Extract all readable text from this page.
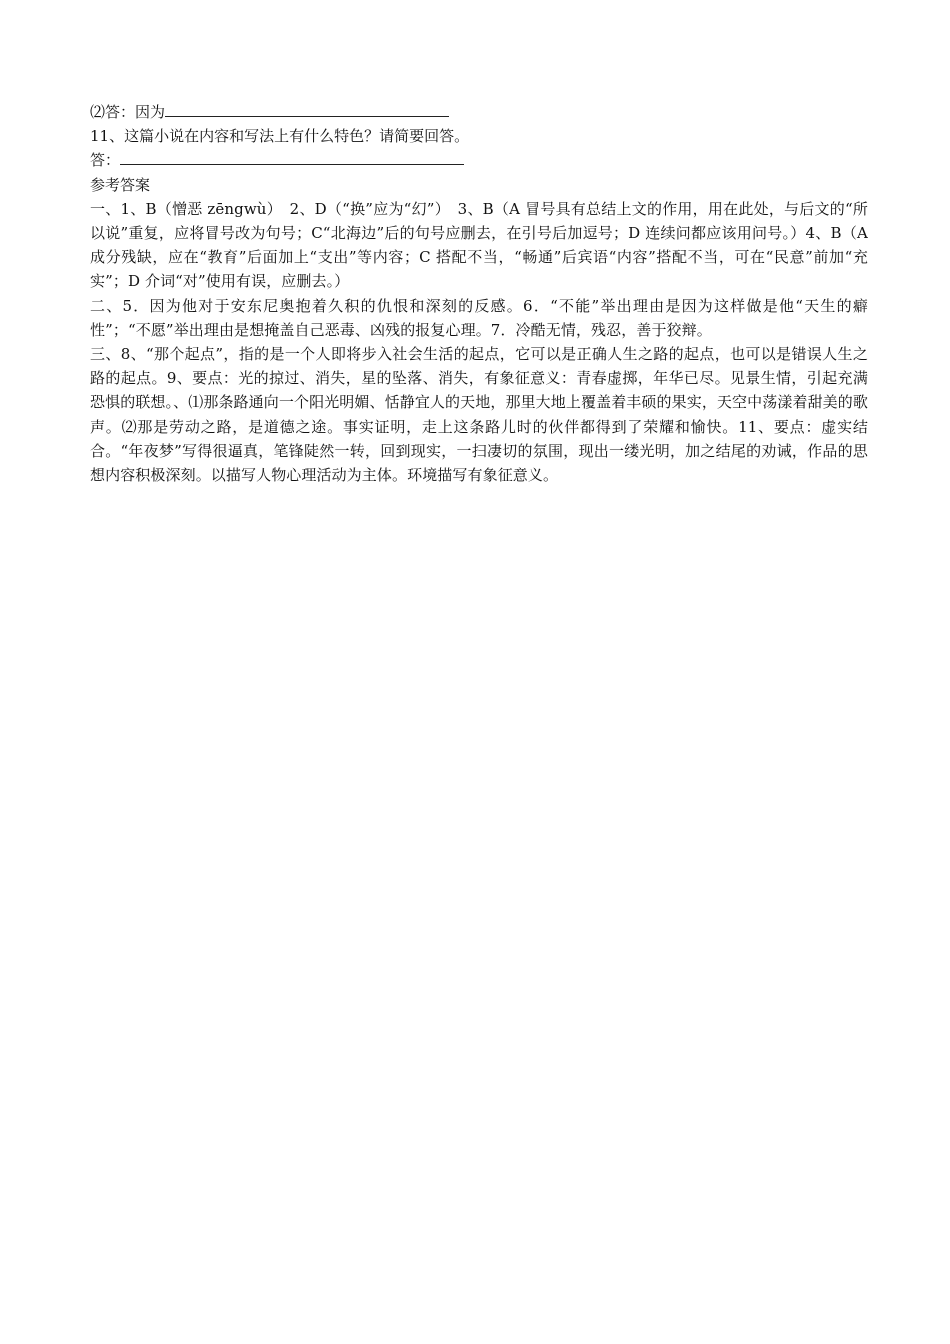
⑵答：因为
11、这篇小说在内容和写法上有什么特色？请简要回答。
答：
参考答案
一、1、B（憎恶 zēngwù）　2、D（“换”应为“幻”）　3、B（A 冒号具有总结上文的作用，用在此处，与后文的“所以说”重复，应将冒号改为句号；C“北海边”后的句号应删去，在引号后加逗号；D 连续问都应该用问号。）4、B（A 成分残缺，应在“教育”后面加上“支出”等内容；C 搭配不当，“畅通”后宾语“内容”搭配不当，可在“民意”前加“充实”；D 介词“对”使用有误，应删去。）
二、5．因为他对于安东尼奥抱着久积的仇恨和深刻的反感。6．“不能”举出理由是因为这样做是他“天生的癖性”；“不愿”举出理由是想掩盖自己恶毒、凶残的报复心理。7．冷酷无情，残忍，善于狡辩。
三、8、“那个起点”，指的是一个人即将步入社会生活的起点，它可以是正确人生之路的起点，也可以是错误人生之路的起点。9、要点：光的掠过、消失，星的坠落、消失，有象征意义：青春虚掷，年华已尽。见景生情，引起充满恐惧的联想。、⑴那条路通向一个阳光明媚、恬静宜人的天地，那里大地上覆盖着丰硕的果实，天空中荡漾着甜美的歌声。⑵那是劳动之路，是道德之途。事实证明，走上这条路儿时的伙伴都得到了荣耀和愉快。11、要点：虚实结合。“年夜梦”写得很逼真，笔锋陡然一转，回到现实，一扫凄切的氛围，现出一缕光明，加之结尾的劝诫，作品的思想内容积极深刻。以描写人物心理活动为主体。环境描写有象征意义。
